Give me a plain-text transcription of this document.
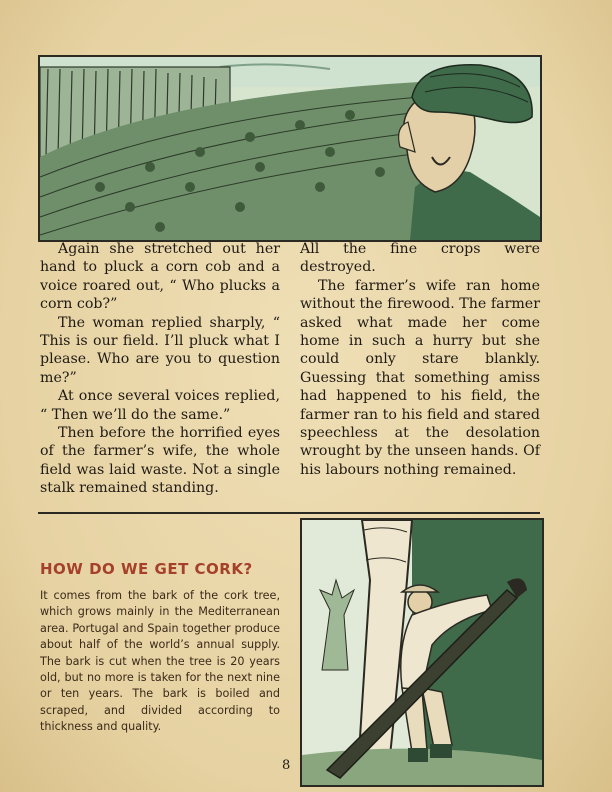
Again she stretched out her hand to pluck a corn cob and a voice roared out, “ Who plucks a corn cob?”

The woman replied sharply, “ This is our field. I’ll pluck what I please. Who are you to question me?”

At once several voices replied, “ Then we’ll do the same.”

Then before the horrified eyes of the farmer’s wife, the whole field was laid waste. Not a single stalk remained standing.

All the fine crops were destroyed.

The farmer’s wife ran home without the firewood. The farmer asked what made her come home in such a hurry but she could only stare blankly. Guessing that something amiss had happened to his field, the farmer ran to his field and stared speechless at the desolation wrought by the unseen hands. Of his labours nothing remained.

HOW DO WE GET CORK?

It comes from the bark of the cork tree, which grows mainly in the Mediterranean area. Portugal and Spain together produce about half of the world’s annual supply. The bark is cut when the tree is 20 years old, but no more is taken for the next nine or ten years. The bark is boiled and scraped, and divided according to thickness and quality.

8
